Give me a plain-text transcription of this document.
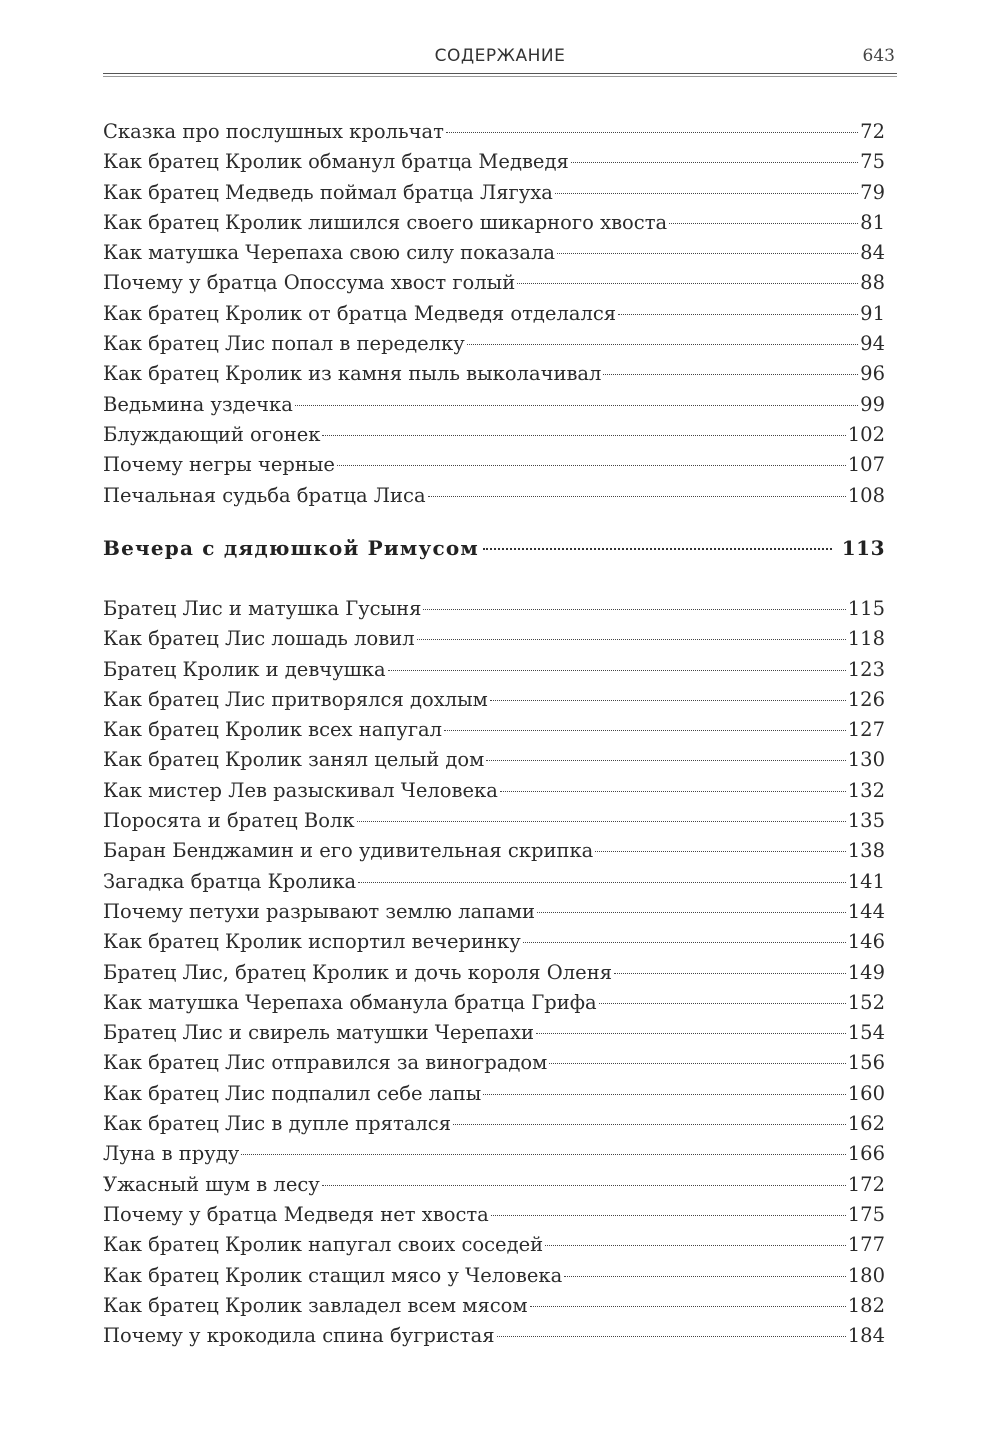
СОДЕРЖАНИЕ	643
Сказка про послушных крольчат	72
Как братец Кролик обманул братца Медведя	75
Как братец Медведь поймал братца Лягуха	79
Как братец Кролик лишился своего шикарного хвоста	81
Как матушка Черепаха свою силу показала	84
Почему у братца Опоссума хвост голый	88
Как братец Кролик от братца Медведя отделался	91
Как братец Лис попал в переделку	94
Как братец Кролик из камня пыль выколачивал	96
Ведьмина уздечка	99
Блуждающий огонек	102
Почему негры черные	107
Печальная судьба братца Лиса	108
Вечера с дядюшкой Римусом	113
Братец Лис и матушка Гусыня	115
Как братец Лис лошадь ловил	118
Братец Кролик и девчушка	123
Как братец Лис притворялся дохлым	126
Как братец Кролик всех напугал	127
Как братец Кролик занял целый дом	130
Как мистер Лев разыскивал Человека	132
Поросята и братец Волк	135
Баран Бенджамин и его удивительная скрипка	138
Загадка братца Кролика	141
Почему петухи разрывают землю лапами	144
Как братец Кролик испортил вечеринку	146
Братец Лис, братец Кролик и дочь короля Оленя	149
Как матушка Черепаха обманула братца Грифа	152
Братец Лис и свирель матушки Черепахи	154
Как братец Лис отправился за виноградом	156
Как братец Лис подпалил себе лапы	160
Как братец Лис в дупле прятался	162
Луна в пруду	166
Ужасный шум в лесу	172
Почему у братца Медведя нет хвоста	175
Как братец Кролик напугал своих соседей	177
Как братец Кролик стащил мясо у Человека	180
Как братец Кролик завладел всем мясом	182
Почему у крокодила спина бугристая	184
